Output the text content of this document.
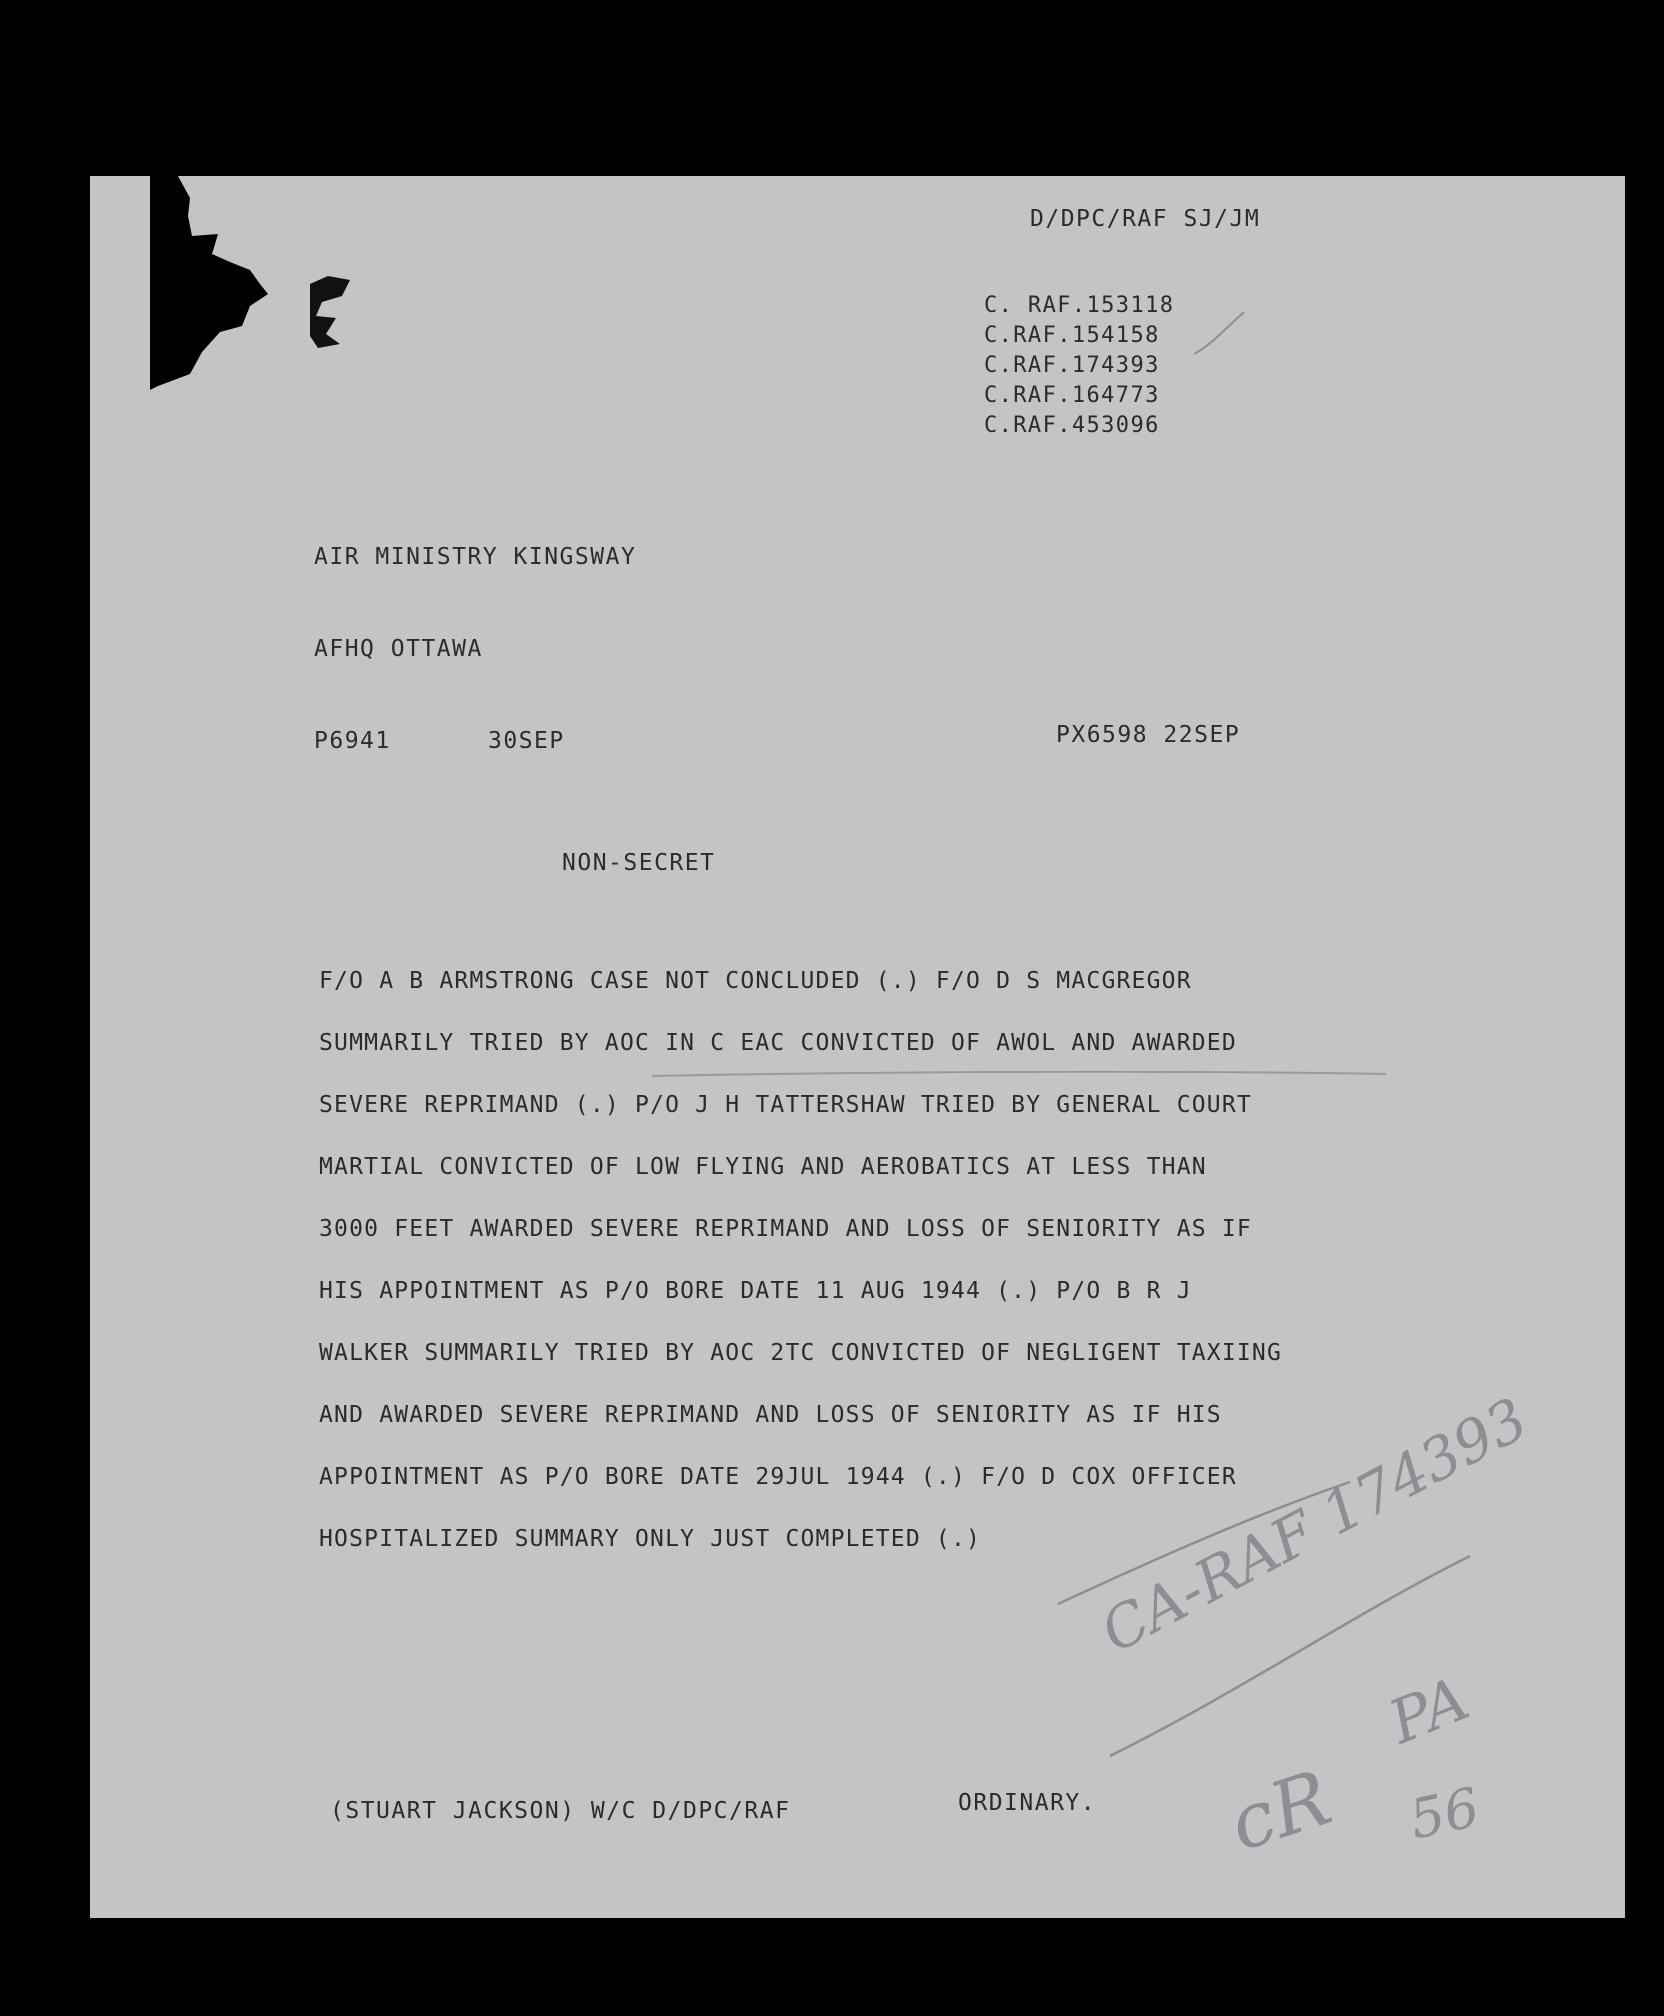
D/DPC/RAF SJ/JM
C. RAF.153118
C.RAF.154158
C.RAF.174393
C.RAF.164773
C.RAF.453096
AIR MINISTRY KINGSWAY
AFHQ OTTAWA
P6941	30SEP	PX6598 22SEP
NON-SECRET
F/O A B ARMSTRONG CASE NOT CONCLUDED (.) F/O D S MACGREGOR
SUMMARILY TRIED BY AOC IN C EAC CONVICTED OF AWOL AND AWARDED
SEVERE REPRIMAND (.) P/O J H TATTERSHAW TRIED BY GENERAL COURT
MARTIAL CONVICTED OF LOW FLYING AND AEROBATICS AT LESS THAN
3000 FEET AWARDED SEVERE REPRIMAND AND LOSS OF SENIORITY AS IF
HIS APPOINTMENT AS P/O BORE DATE 11 AUG 1944 (.) P/O B R J
WALKER SUMMARILY TRIED BY AOC 2TC CONVICTED OF NEGLIGENT TAXIING
AND AWARDED SEVERE REPRIMAND AND LOSS OF SENIORITY AS IF HIS
APPOINTMENT AS P/O BORE DATE 29JUL 1944 (.) F/O D COX OFFICER
HOSPITALIZED SUMMARY ONLY JUST COMPLETED (.)	CA-RAF 174393
cR
PA
56
(STUART JACKSON) W/C D/DPC/RAF	ORDINARY.
